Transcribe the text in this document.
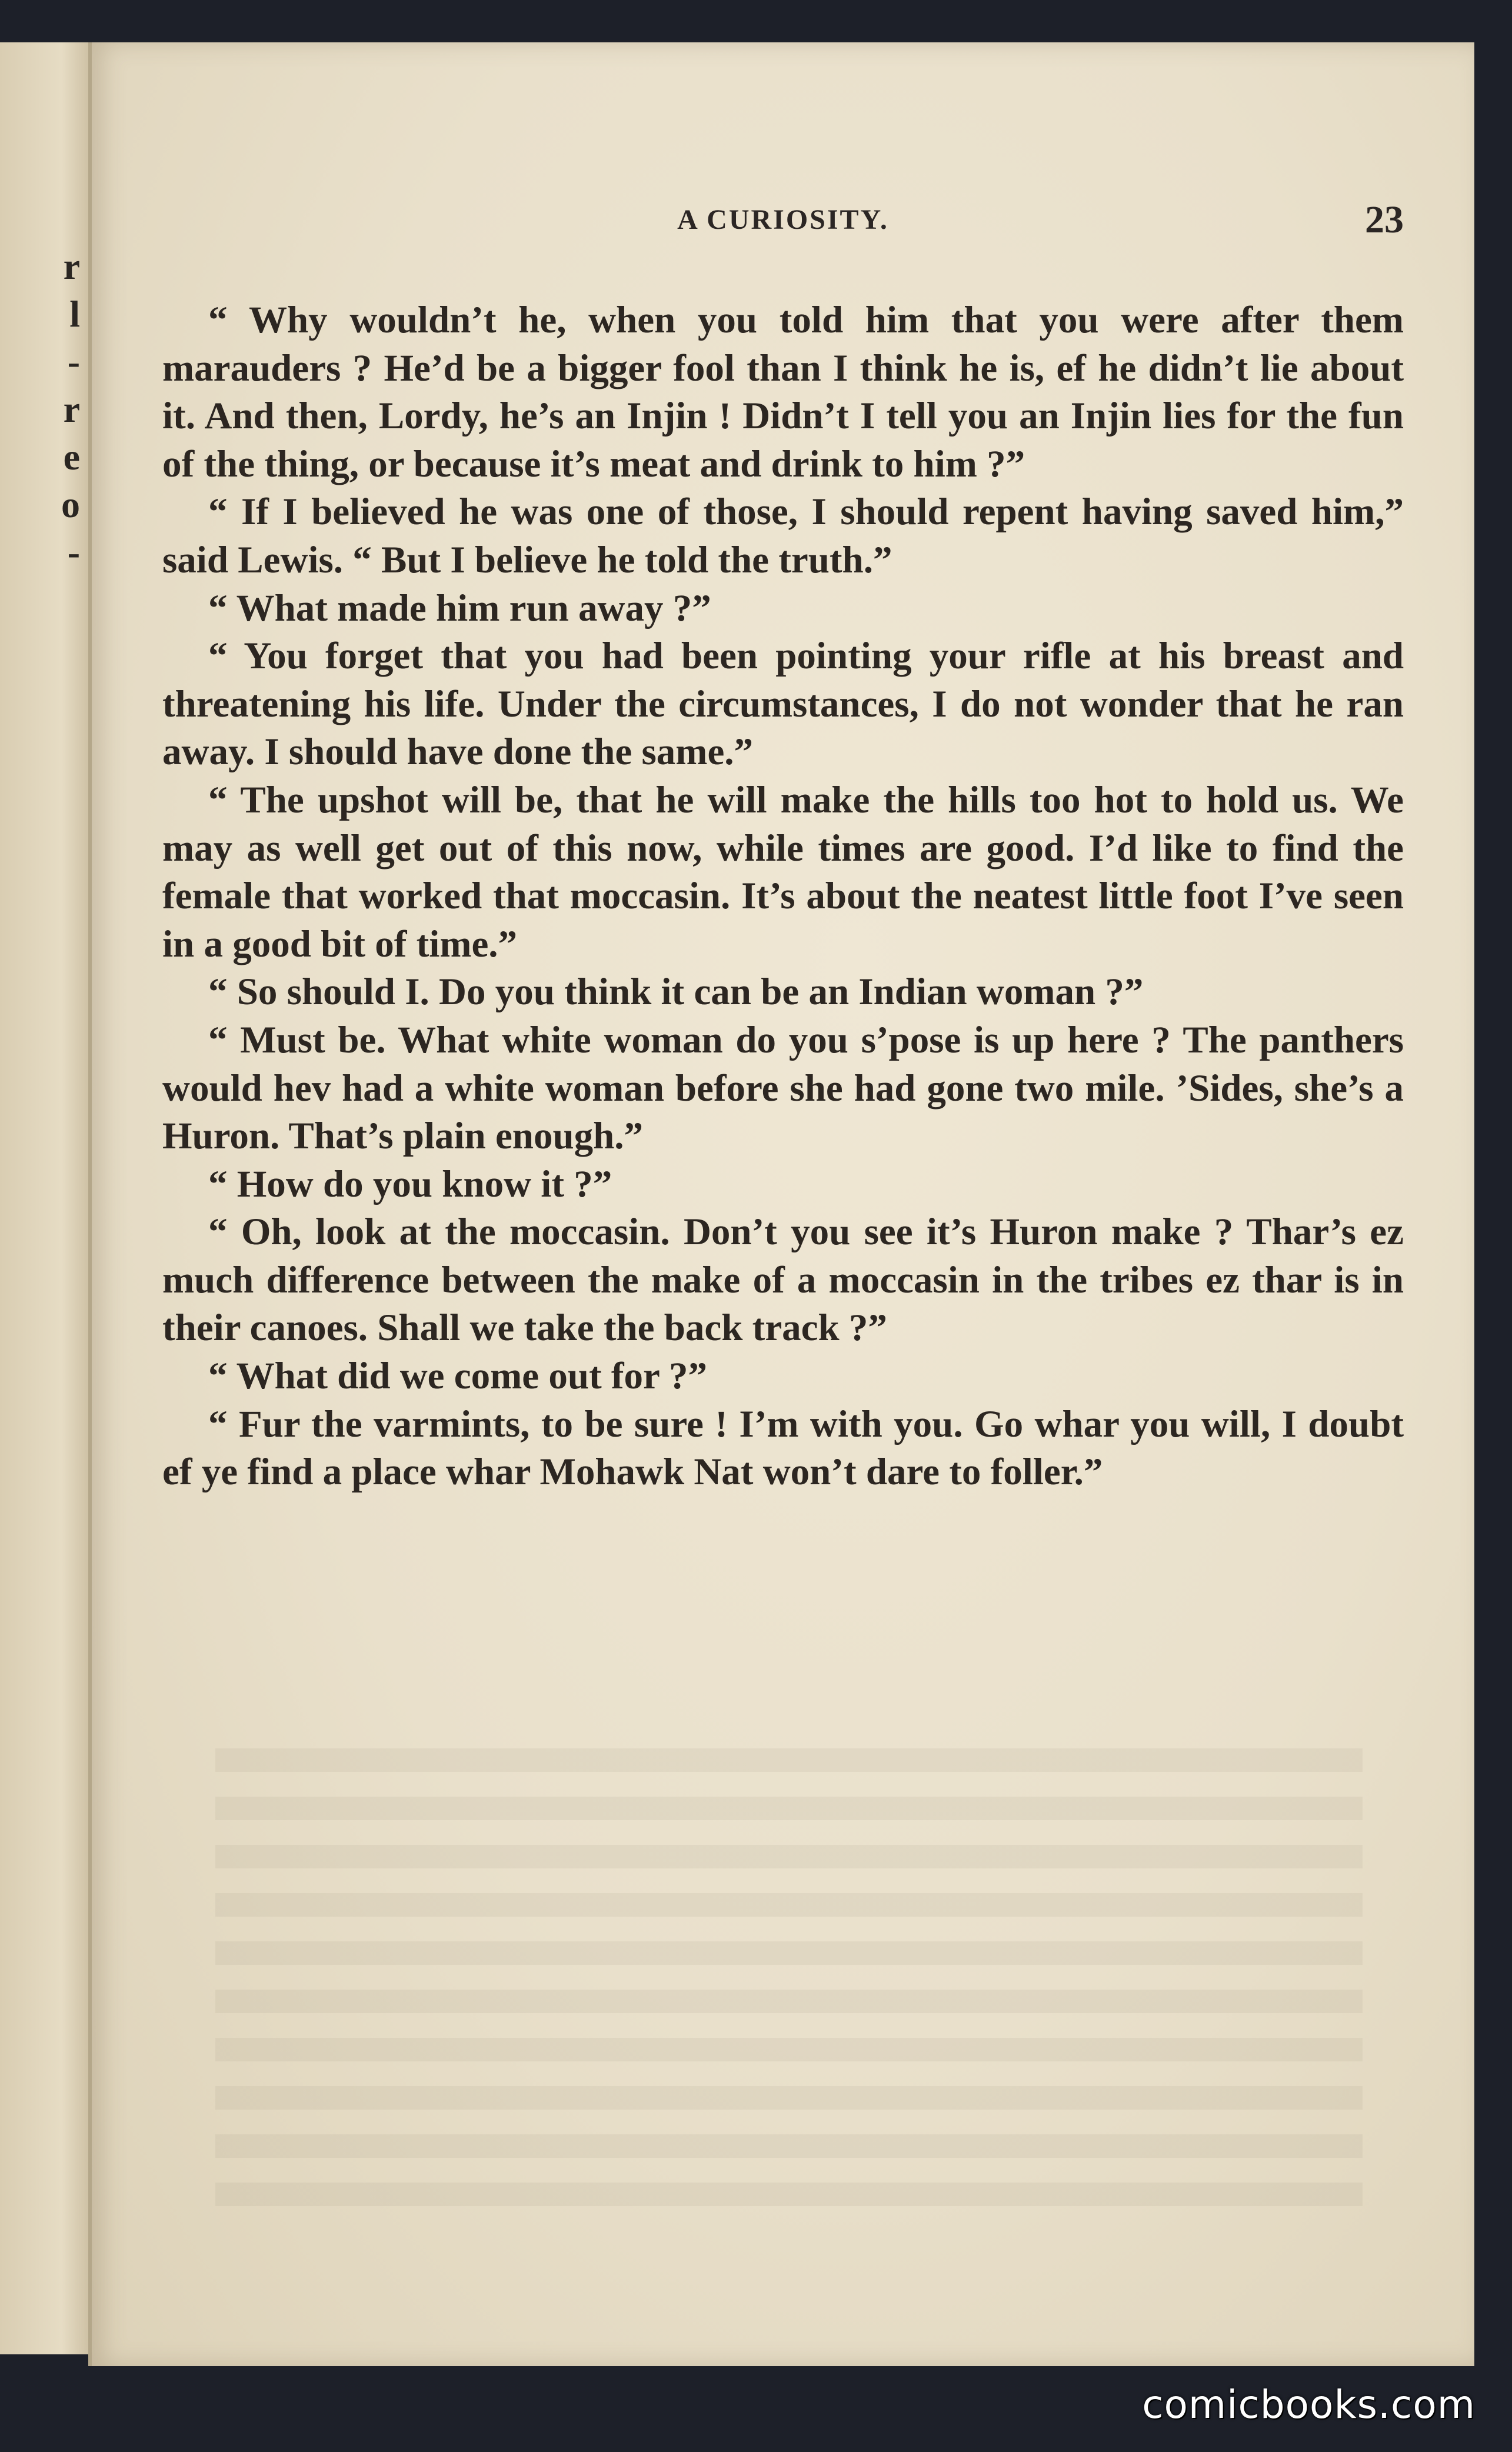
r
l
-
r
e
o
-
A CURIOSITY.	23

“ Why wouldn’t he, when you told him that you were after them marauders ? He’d be a bigger fool than I think he is, ef he didn’t lie about it. And then, Lordy, he’s an Injin ! Didn’t I tell you an Injin lies for the fun of the thing, or because it’s meat and drink to him ?”

“ If I believed he was one of those, I should repent having saved him,” said Lewis. “ But I believe he told the truth.”

“ What made him run away ?”

“ You forget that you had been pointing your rifle at his breast and threatening his life. Under the circumstances, I do not wonder that he ran away. I should have done the same.”

“ The upshot will be, that he will make the hills too hot to hold us. We may as well get out of this now, while times are good. I’d like to find the female that worked that moccasin. It’s about the neatest little foot I’ve seen in a good bit of time.”

“ So should I. Do you think it can be an Indian woman ?”

“ Must be. What white woman do you s’pose is up here ? The panthers would hev had a white woman before she had gone two mile. ’Sides, she’s a Huron. That’s plain enough.”

“ How do you know it ?”

“ Oh, look at the moccasin. Don’t you see it’s Huron make ? Thar’s ez much difference between the make of a moccasin in the tribes ez thar is in their canoes. Shall we take the back track ?”

“ What did we come out for ?”

“ Fur the varmints, to be sure ! I’m with you. Go whar you will, I doubt ef ye find a place whar Mohawk Nat won’t dare to foller.”

comicbooks.com
